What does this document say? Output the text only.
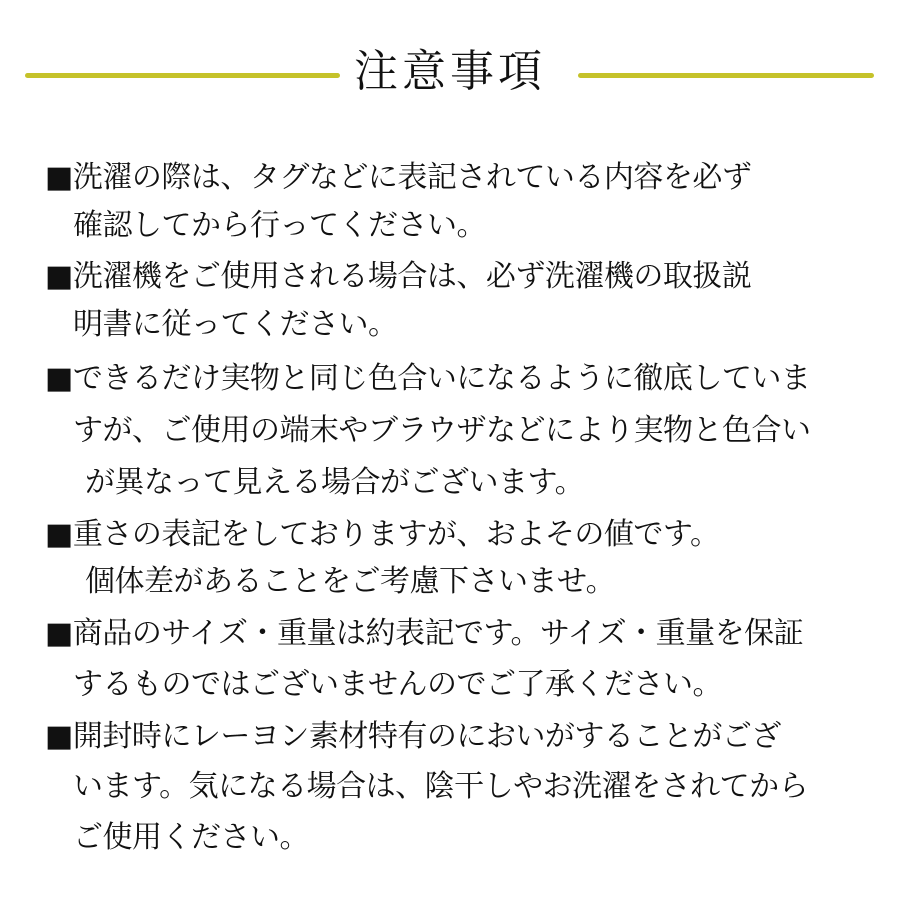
注意事項
■洗濯の際は、タグなどに表記されている内容を必ず
確認してから行ってください。
■洗濯機をご使用される場合は、必ず洗濯機の取扱説
明書に従ってください。
■できるだけ実物と同じ色合いになるように徹底していま
すが、ご使用の端末やブラウザなどにより実物と色合い
が異なって見える場合がございます。
■重さの表記をしておりますが、およその値です。
個体差があることをご考慮下さいませ。
■商品のサイズ・重量は約表記です。サイズ・重量を保証
するものではございませんのでご了承ください。
■開封時にレーヨン素材特有のにおいがすることがござ
います。気になる場合は、陰干しやお洗濯をされてから
ご使用ください。
